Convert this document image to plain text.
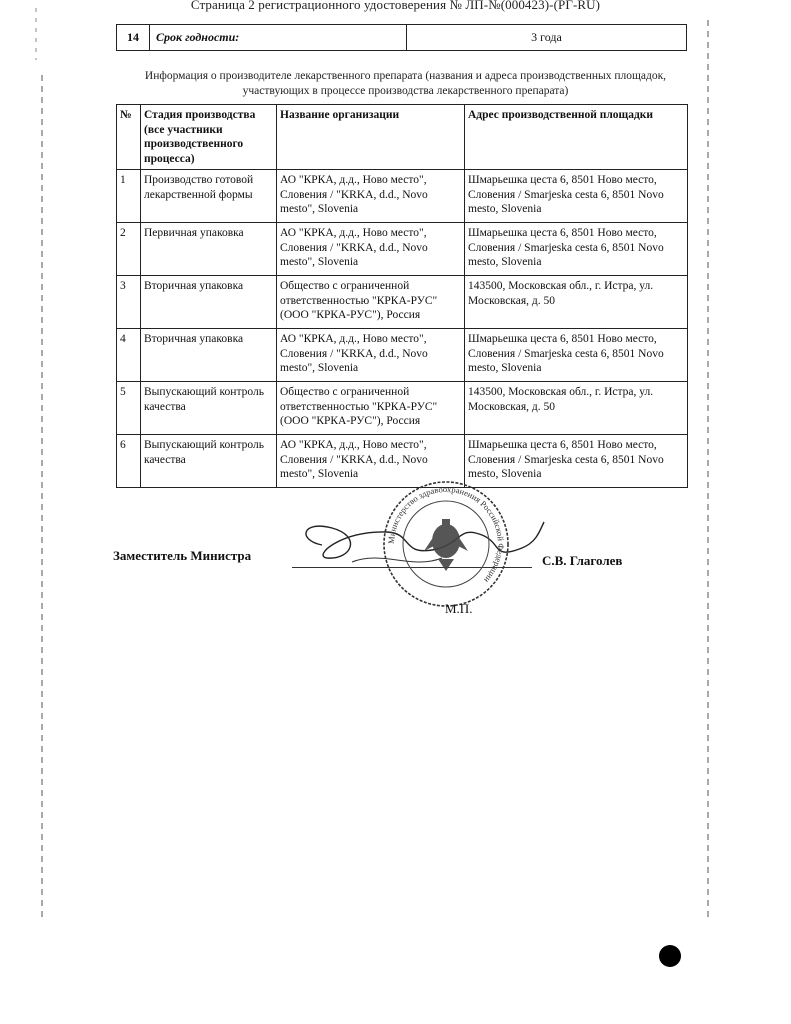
Страница 2 регистрационного удостоверения № ЛП-№(000423)-(РГ-RU)
14	Срок годности:	3 года
Информация о производителе лекарственного препарата (названия и адреса производственных площадок,
участвующих в процессе производства лекарственного препарата)
№	Стадия производства (все участники производственного процесса)	Название организации	Адрес производственной площадки
1	Производство готовой лекарственной формы	АО "КРКА, д.д., Ново место", Словения / "KRKA, d.d., Novo mesto", Slovenia	Шмарьешка цеста 6, 8501 Ново место, Словения / Smarjeska cesta 6, 8501 Novo mesto, Slovenia
2	Первичная упаковка	АО "КРКА, д.д., Ново место", Словения / "KRKA, d.d., Novo mesto", Slovenia	Шмарьешка цеста 6, 8501 Ново место, Словения / Smarjeska cesta 6, 8501 Novo mesto, Slovenia
3	Вторичная упаковка	Общество с ограниченной ответственностью "КРКА-РУС" (ООО "КРКА-РУС"), Россия	143500, Московская обл., г. Истра, ул. Московская, д. 50
4	Вторичная упаковка	АО "КРКА, д.д., Ново место", Словения / "KRKA, d.d., Novo mesto", Slovenia	Шмарьешка цеста 6, 8501 Ново место, Словения / Smarjeska cesta 6, 8501 Novo mesto, Slovenia
5	Выпускающий контроль качества	Общество с ограниченной ответственностью "КРКА-РУС" (ООО "КРКА-РУС"), Россия	143500, Московская обл., г. Истра, ул. Московская, д. 50
6	Выпускающий контроль качества	АО "КРКА, д.д., Ново место", Словения / "KRKA, d.d., Novo mesto", Slovenia	Шмарьешка цеста 6, 8501 Ново место, Словения / Smarjeska cesta 6, 8501 Novo mesto, Slovenia
Заместитель Министра	С.В. Глаголев
Министерство здравоохранения Российской Федерации
М.П.
